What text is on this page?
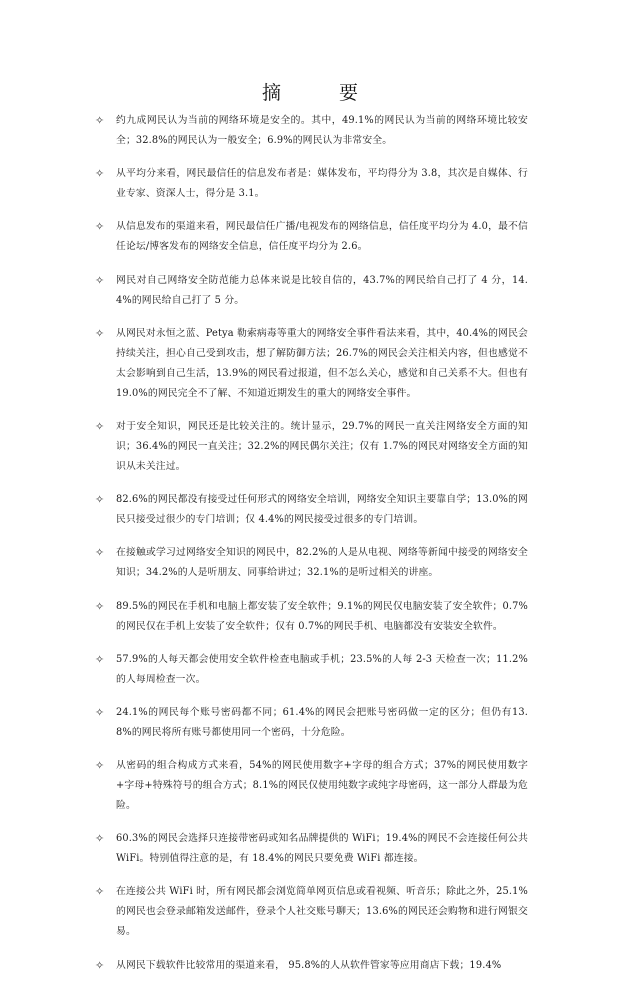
摘 要
✧ 约九成网民认为当前的网络环境是安全的。其中，49.1%的网民认为当前的网络环境比较安全；32.8%的网民认为一般安全；6.9%的网民认为非常安全。
✧ 从平均分来看，网民最信任的信息发布者是：媒体发布，平均得分为 3.8，其次是自媒体、行业专家、资深人士，得分是 3.1。
✧ 从信息发布的渠道来看，网民最信任广播/电视发布的网络信息，信任度平均分为 4.0，最不信任论坛/博客发布的网络安全信息，信任度平均分为 2.6。
✧ 网民对自己网络安全防范能力总体来说是比较自信的，43.7%的网民给自己打了 4 分，14.4%的网民给自己打了 5 分。
✧ 从网民对永恒之蓝、Petya 勒索病毒等重大的网络安全事件看法来看，其中，40.4%的网民会持续关注，担心自己受到攻击，想了解防御方法；26.7%的网民会关注相关内容，但也感觉不太会影响到自己生活，13.9%的网民看过报道，但不怎么关心，感觉和自己关系不大。但也有 19.0%的网民完全不了解、不知道近期发生的重大的网络安全事件。
✧ 对于安全知识，网民还是比较关注的。统计显示，29.7%的网民一直关注网络安全方面的知识；36.4%的网民一直关注；32.2%的网民偶尔关注；仅有 1.7%的网民对网络安全方面的知识从未关注过。
✧ 82.6%的网民都没有接受过任何形式的网络安全培训，网络安全知识主要靠自学；13.0%的网民只接受过很少的专门培训；仅 4.4%的网民接受过很多的专门培训。
✧ 在接触或学习过网络安全知识的网民中，82.2%的人是从电视、网络等新闻中接受的网络安全知识；34.2%的人是听朋友、同事给讲过；32.1%的是听过相关的讲座。
✧ 89.5%的网民在手机和电脑上都安装了安全软件；9.1%的网民仅电脑安装了安全软件；0.7%的网民仅在手机上安装了安全软件；仅有 0.7%的网民手机、电脑都没有安装安全软件。
✧ 57.9%的人每天都会使用安全软件检查电脑或手机；23.5%的人每 2-3 天检查一次；11.2%的人每周检查一次。
✧ 24.1%的网民每个账号密码都不同；61.4%的网民会把账号密码做一定的区分；但仍有13.8%的网民将所有账号都使用同一个密码，十分危险。
✧ 从密码的组合构成方式来看，54%的网民使用数字+字母的组合方式；37%的网民使用数字+字母+特殊符号的组合方式；8.1%的网民仅使用纯数字或纯字母密码，这一部分人群最为危险。
✧ 60.3%的网民会选择只连接带密码或知名品牌提供的 WiFi；19.4%的网民不会连接任何公共 WiFi。特别值得注意的是，有 18.4%的网民只要免费 WiFi 都连接。
✧ 在连接公共 WiFi 时，所有网民都会浏览简单网页信息或看视频、听音乐；除此之外，25.1%的网民也会登录邮箱发送邮件，登录个人社交账号聊天；13.6%的网民还会购物和进行网银交易。
✧ 从网民下载软件比较常用的渠道来看， 95.8%的人从软件管家等应用商店下载；19.4%
